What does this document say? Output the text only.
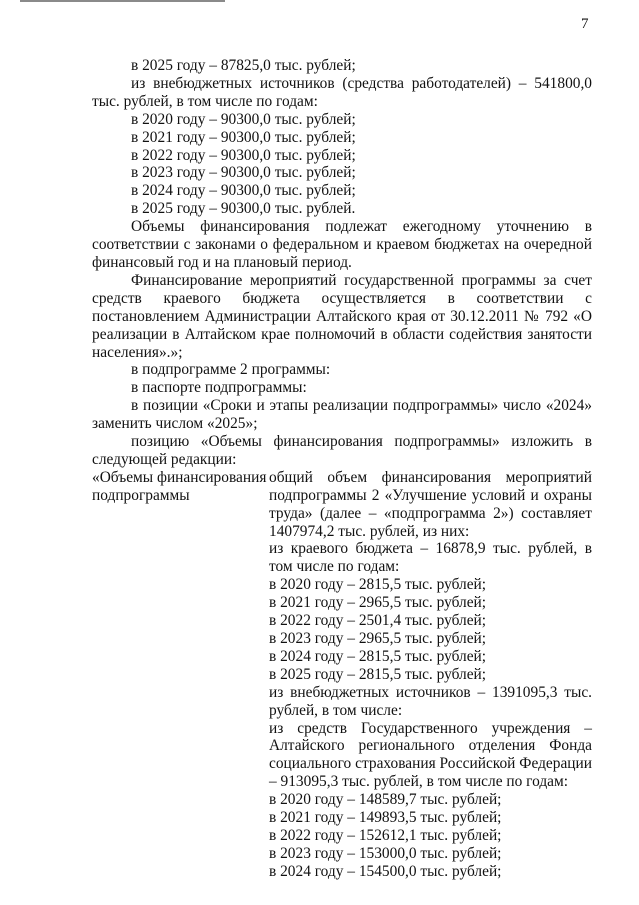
7

в 2025 году – 87825,0 тыс. рублей;

из внебюджетных источников (средства работодателей) – 541800,0 тыс. рублей, в том числе по годам:

в 2020 году – 90300,0 тыс. рублей;

в 2021 году – 90300,0 тыс. рублей;

в 2022 году – 90300,0 тыс. рублей;

в 2023 году – 90300,0 тыс. рублей;

в 2024 году – 90300,0 тыс. рублей;

в 2025 году – 90300,0 тыс. рублей.

Объемы финансирования подлежат ежегодному уточнению в соответствии с законами о федеральном и краевом бюджетах на очередной финансовый год и на плановый период.

Финансирование мероприятий государственной программы за счет средств краевого бюджета осуществляется в соответствии с постановлением Администрации Алтайского края от 30.12.2011 № 792 «О реализации в Алтайском крае полномочий в области содействия занятости населения».»;

в подпрограмме 2 программы:

в паспорте подпрограммы:

в позиции «Сроки и этапы реализации подпрограммы» число «2024» заменить числом «2025»;

позицию «Объемы финансирования подпрограммы» изложить в следующей редакции:

«Объемы финансирования подпрограммы

общий объем финансирования мероприятий подпрограммы 2 «Улучшение условий и охраны труда» (далее – «подпрограмма 2») составляет 1407974,2 тыс. рублей, из них:

из краевого бюджета – 16878,9 тыс. рублей, в том числе по годам:

в 2020 году – 2815,5 тыс. рублей;

в 2021 году – 2965,5 тыс. рублей;

в 2022 году – 2501,4 тыс. рублей;

в 2023 году – 2965,5 тыс. рублей;

в 2024 году – 2815,5 тыс. рублей;

в 2025 году – 2815,5 тыс. рублей;

из внебюджетных источников – 1391095,3 тыс. рублей, в том числе:

из средств Государственного учреждения – Алтайского регионального отделения Фонда социального страхования Российской Федерации – 913095,3 тыс. рублей, в том числе по годам:

в 2020 году – 148589,7 тыс. рублей;

в 2021 году – 149893,5 тыс. рублей;

в 2022 году – 152612,1 тыс. рублей;

в 2023 году – 153000,0 тыс. рублей;

в 2024 году – 154500,0 тыс. рублей;
